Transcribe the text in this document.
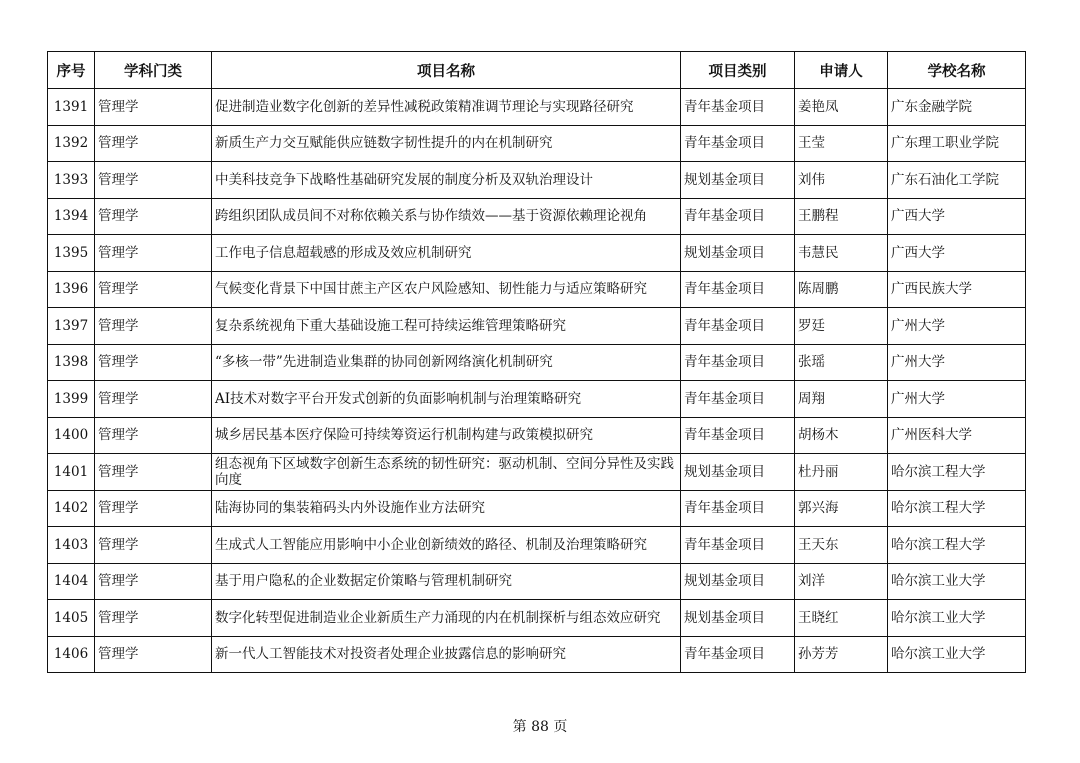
序号	学科门类	项目名称	项目类别	申请人	学校名称
1391	管理学	促进制造业数字化创新的差异性减税政策精准调节理论与实现路径研究	青年基金项目	姜艳凤	广东金融学院
1392	管理学	新质生产力交互赋能供应链数字韧性提升的内在机制研究	青年基金项目	王莹	广东理工职业学院
1393	管理学	中美科技竞争下战略性基础研究发展的制度分析及双轨治理设计	规划基金项目	刘伟	广东石油化工学院
1394	管理学	跨组织团队成员间不对称依赖关系与协作绩效——基于资源依赖理论视角	青年基金项目	王鹏程	广西大学
1395	管理学	工作电子信息超载感的形成及效应机制研究	规划基金项目	韦慧民	广西大学
1396	管理学	气候变化背景下中国甘蔗主产区农户风险感知、韧性能力与适应策略研究	青年基金项目	陈周鹏	广西民族大学
1397	管理学	复杂系统视角下重大基础设施工程可持续运维管理策略研究	青年基金项目	罗廷	广州大学
1398	管理学	“多核一带”先进制造业集群的协同创新网络演化机制研究	青年基金项目	张瑶	广州大学
1399	管理学	AI技术对数字平台开发式创新的负面影响机制与治理策略研究	青年基金项目	周翔	广州大学
1400	管理学	城乡居民基本医疗保险可持续筹资运行机制构建与政策模拟研究	青年基金项目	胡杨木	广州医科大学
1401	管理学	组态视角下区域数字创新生态系统的韧性研究：驱动机制、空间分异性及实践向度	规划基金项目	杜丹丽	哈尔滨工程大学
1402	管理学	陆海协同的集装箱码头内外设施作业方法研究	青年基金项目	郭兴海	哈尔滨工程大学
1403	管理学	生成式人工智能应用影响中小企业创新绩效的路径、机制及治理策略研究	青年基金项目	王天东	哈尔滨工程大学
1404	管理学	基于用户隐私的企业数据定价策略与管理机制研究	规划基金项目	刘洋	哈尔滨工业大学
1405	管理学	数字化转型促进制造业企业新质生产力涌现的内在机制探析与组态效应研究	规划基金项目	王晓红	哈尔滨工业大学
1406	管理学	新一代人工智能技术对投资者处理企业披露信息的影响研究	青年基金项目	孙芳芳	哈尔滨工业大学
第 88 页
